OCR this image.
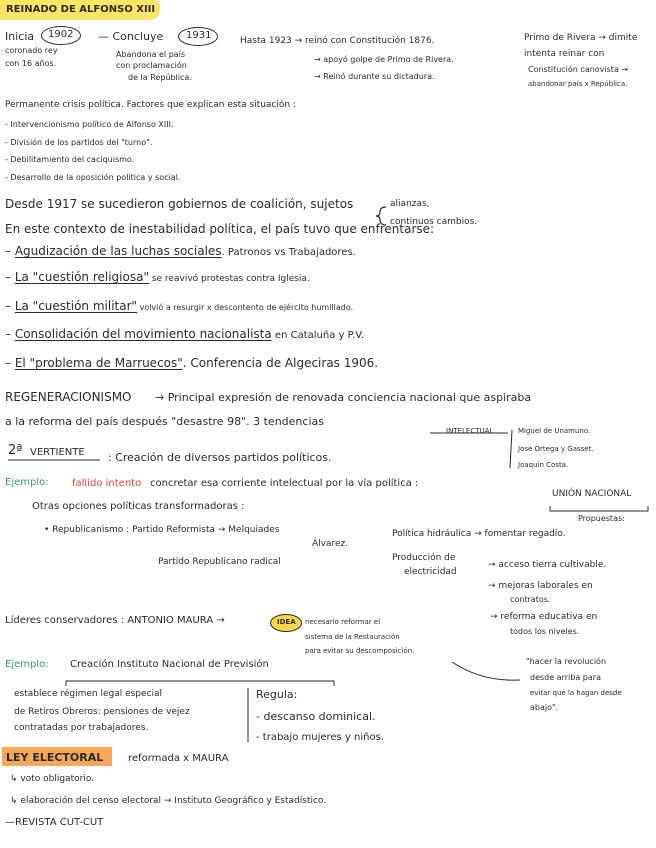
REINADO DE ALFONSO XIII
Inicia 1902
coronado rey
con 16 años.
— Concluye 1931
Abandona el país
con proclamación
de la República.
Hasta 1923 → reinó con Constitución 1876.
→ apoyó golpe de Primo de Rivera.
→ Reinó durante su dictadura.
Primo de Rivera → dimite
intenta reinar con
Constitución canovista →
abandonar país x República.
Permanente crisis política. Factores que explican esta situación :
- Intervencionismo político de Alfonso XIII.
- División de los partidos del "turno".
- Debilitamiento del caciquismo.
- Desarrollo de la oposición política y social.
Desde 1917 se sucedieron gobiernos de coalición, sujetos	alianzas,
continuos cambios.
En este contexto de inestabilidad política, el país tuvo que enfrentarse:
– Agudización de las luchas sociales. Patronos vs Trabajadores.
– La "cuestión religiosa" se reavivó protestas contra Iglesia.
– La "cuestión militar" volvió a resurgir x descontento de ejército humillado.
– Consolidación del movimiento nacionalista en Cataluña y P.V.
– El "problema de Marruecos". Conferencia de Algeciras 1906.
REGENERACIONISMO → Principal expresión de renovada conciencia nacional que aspiraba
a la reforma del país después "desastre 98". 3 tendencias
INTELECTUAL	Miguel de Unamuno.
José Ortega y Gasset.
Joaquín Costa.
2ª VERTIENTE : Creación de diversos partidos políticos.
Ejemplo: fallido intento concretar esa corriente intelectual por la vía política :
UNIÓN NACIONAL
Otras opciones políticas transformadoras :
• Republicanismo : Partido Reformista → Melquiades
Álvarez.
Partido Republicano radical
Propuestas:
Política hidráulica → fomentar regadío.
Producción de
electricidad
→ acceso tierra cultivable.
→ mejoras laborales en
contratos.
→ reforma educativa en
todos los niveles.
Líderes conservadores : ANTONIO MAURA →	IDEA necesario reformar el
sistema de la Restauración
para evitar su descomposición.
"hacer la revolución
desde arriba para
evitar que la hagan desde
abajo".
Ejemplo: Creación Instituto Nacional de Previsión
establece régimen legal especial
de Retiros Obreros: pensiones de vejez
contratadas por trabajadores.
Regula:
- descanso dominical.
- trabajo mujeres y niños.
LEY ELECTORAL reformada x MAURA
↳ voto obligatorio.
↳ elaboración del censo electoral → Instituto Geográfico y Estadístico.
—REVISTA CUT-CUT
